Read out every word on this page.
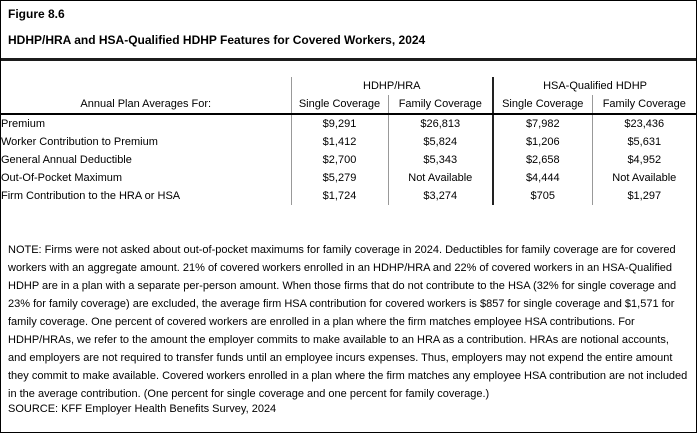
Figure 8.6

HDHP/HRA and HSA-Qualified HDHP Features for Covered Workers, 2024

	HDHP/HRA		HSA-Qualified HDHP	
Annual Plan Averages For:	Single Coverage	Family Coverage	Single Coverage	Family Coverage
Premium	$9,291	$26,813	$7,982	$23,436
Worker Contribution to Premium	$1,412	$5,824	$1,206	$5,631
General Annual Deductible	$2,700	$5,343	$2,658	$4,952
Out-Of-Pocket Maximum	$5,279	Not Available	$4,444	Not Available
Firm Contribution to the HRA or HSA	$1,724	$3,274	$705	$1,297

NOTE: Firms were not asked about out-of-pocket maximums for family coverage in 2024. Deductibles for family coverage are for covered workers with an aggregate amount. 21% of covered workers enrolled in an HDHP/HRA and 22% of covered workers in an HSA-Qualified HDHP are in a plan with a separate per-person amount. When those firms that do not contribute to the HSA (32% for single coverage and 23% for family coverage) are excluded, the average firm HSA contribution for covered workers is $857 for single coverage and $1,571 for family coverage. One percent of covered workers are enrolled in a plan where the firm matches employee HSA contributions. For HDHP/HRAs, we refer to the amount the employer commits to make available to an HRA as a contribution. HRAs are notional accounts, and employers are not required to transfer funds until an employee incurs expenses. Thus, employers may not expend the entire amount they commit to make available. Covered workers enrolled in a plan where the firm matches any employee HSA contribution are not included in the average contribution. (One percent for single coverage and one percent for family coverage.)

SOURCE: KFF Employer Health Benefits Survey, 2024
